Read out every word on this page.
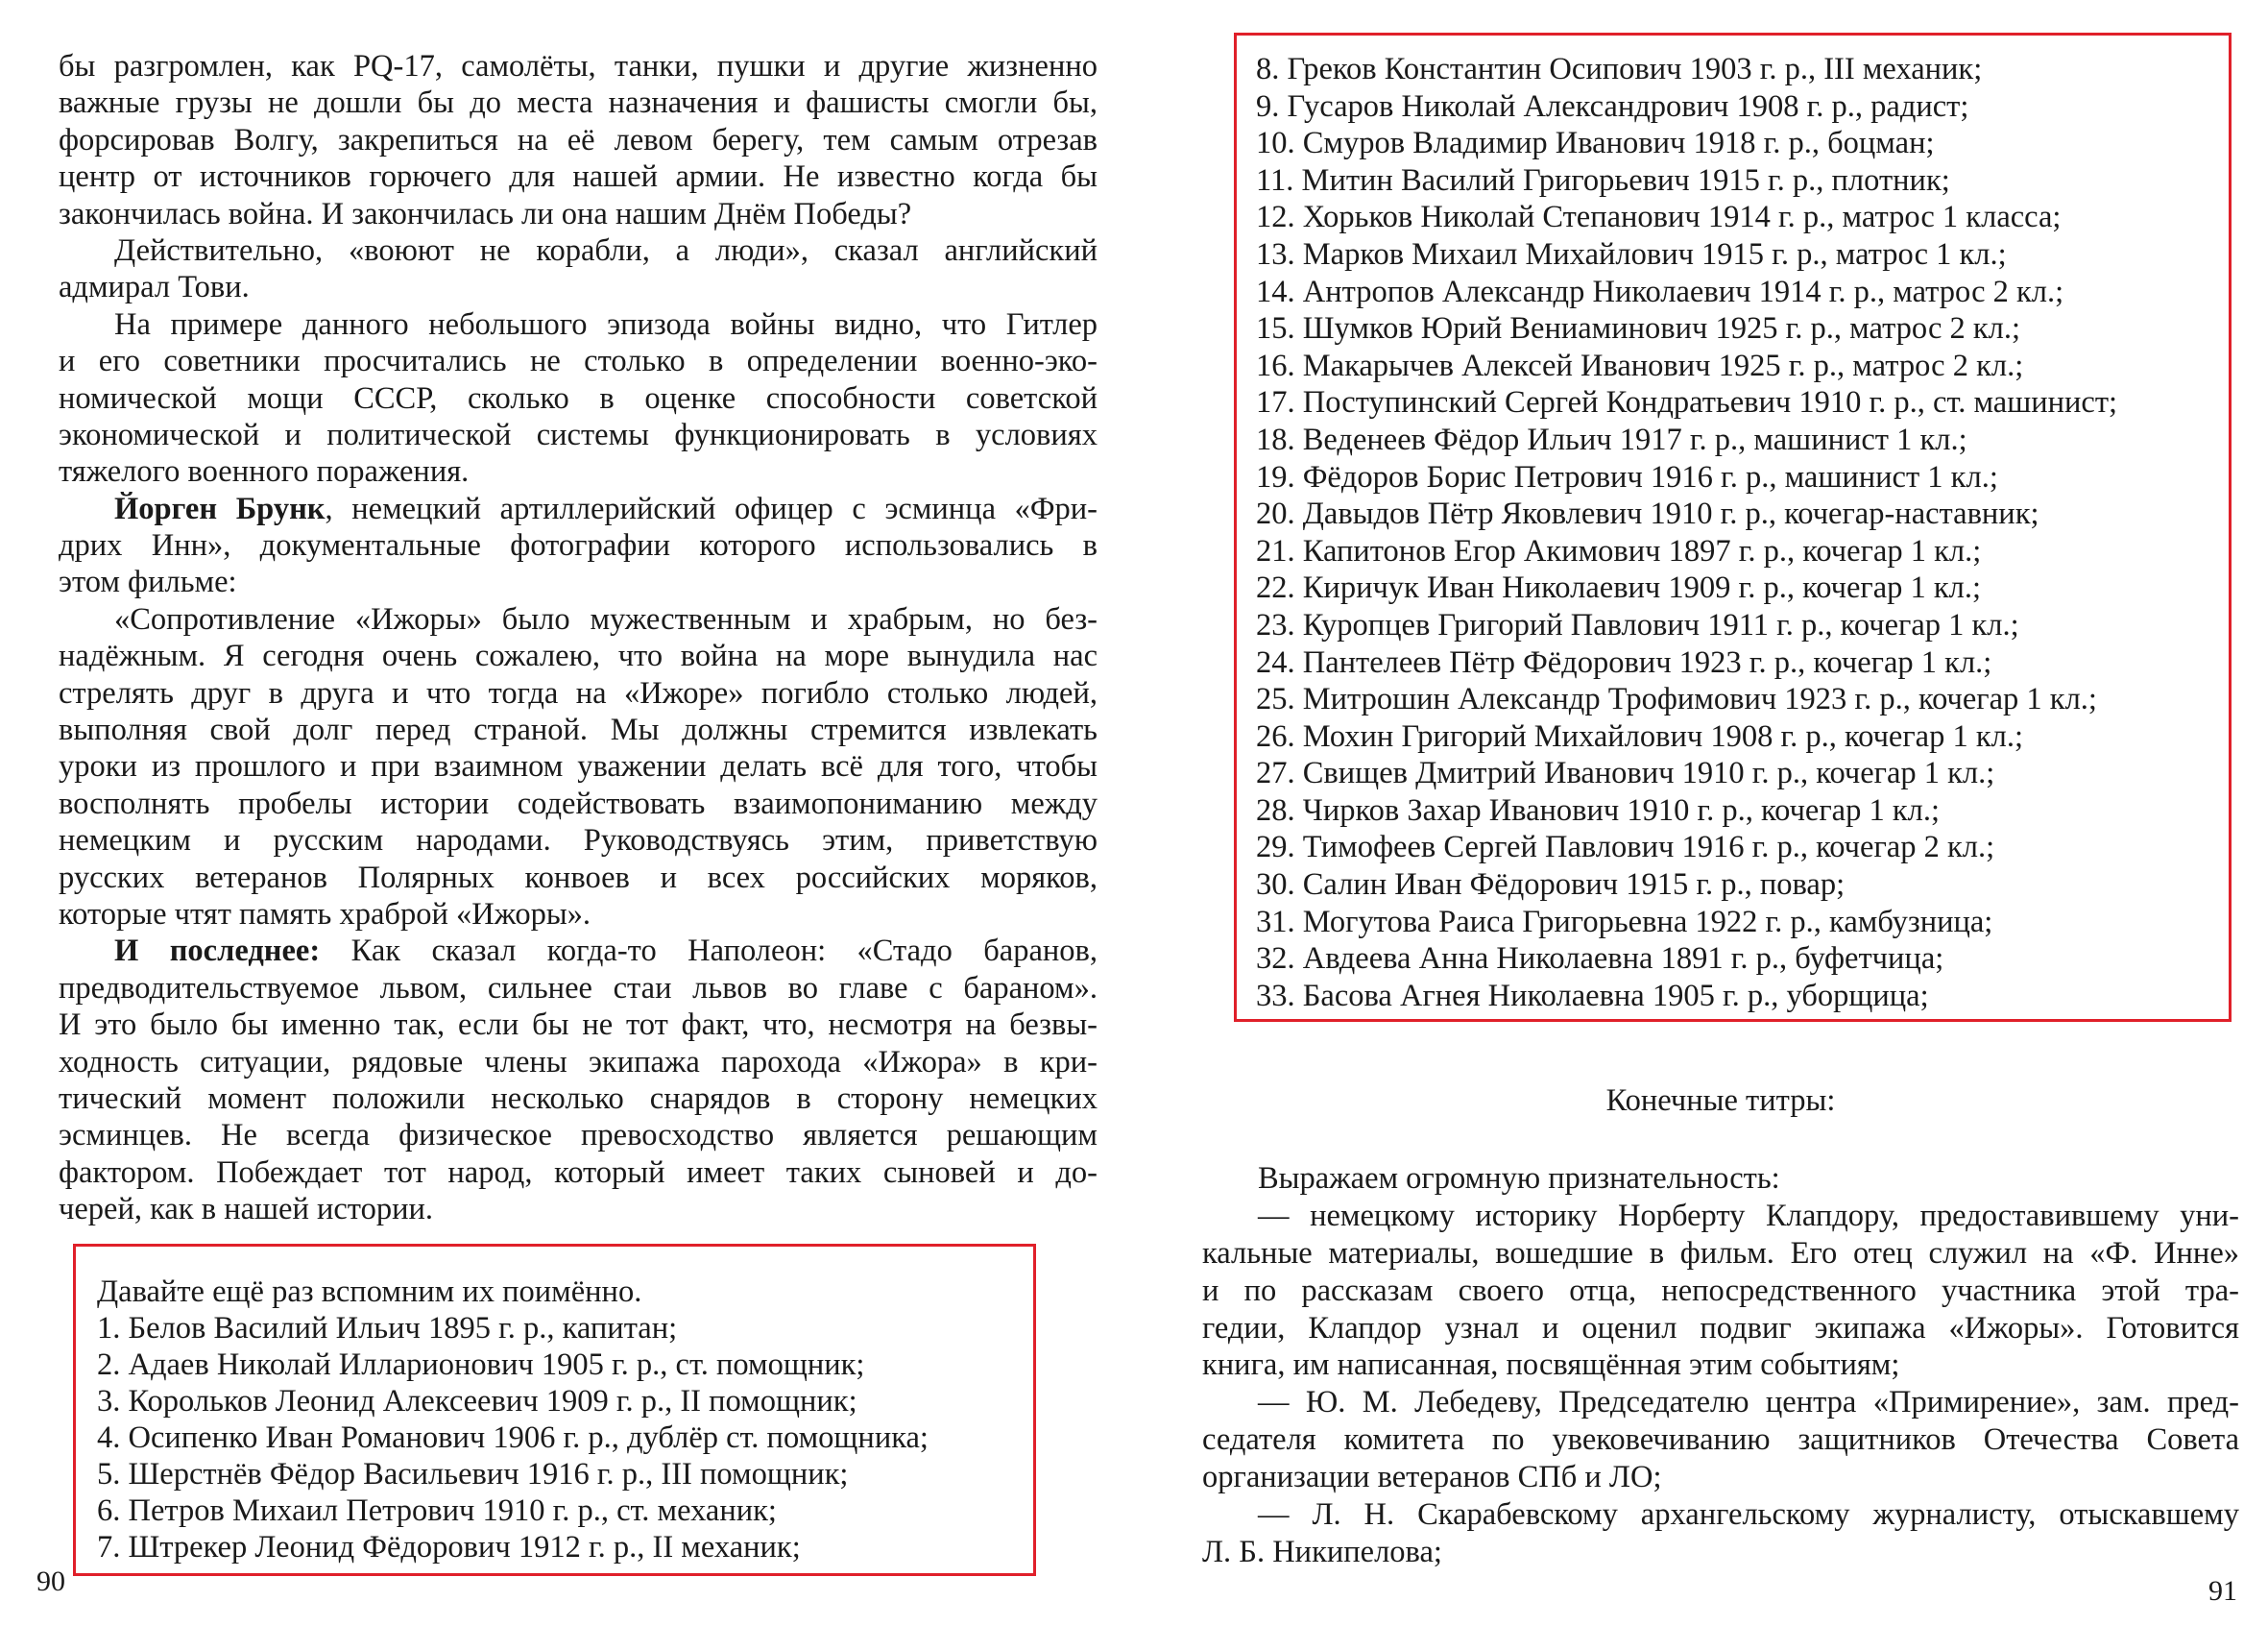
бы разгромлен, как PQ-17, самолёты, танки, пушки и другие жизненно
важные грузы не дошли бы до места назначения и фашисты смогли бы,
форсировав Волгу, закрепиться на её левом берегу, тем самым отрезав
центр от источников горючего для нашей армии. Не известно когда бы
закончилась война. И закончилась ли она нашим Днём Победы?
Действительно, «воюют не корабли, а люди», сказал английский
адмирал Тови.
На примере данного небольшого эпизода войны видно, что Гитлер
и его советники просчитались не столько в определении военно-эко-
номической мощи СССР, сколько в оценке способности советской
экономической и политической системы функционировать в условиях
тяжелого военного поражения.
Йорген Брунк, немецкий артиллерийский офицер с эсминца «Фри-
дрих Инн», документальные фотографии которого использовались в
этом фильме:
«Сопротивление «Ижоры» было мужественным и храбрым, но без-
надёжным. Я сегодня очень сожалею, что война на море вынудила нас
стрелять друг в друга и что тогда на «Ижоре» погибло столько людей,
выполняя свой долг перед страной. Мы должны стремится извлекать
уроки из прошлого и при взаимном уважении делать всё для того, чтобы
восполнять пробелы истории содействовать взаимопониманию между
немецким и русским народами. Руководствуясь этим, приветствую
русских ветеранов Полярных конвоев и всех российских моряков,
которые чтят память храброй «Ижоры».
И последнее: Как сказал когда-то Наполеон: «Стадо баранов,
предводительствуемое львом, сильнее стаи львов во главе с бараном».
И это было бы именно так, если бы не тот факт, что, несмотря на безвы-
ходность ситуации, рядовые члены экипажа парохода «Ижора» в кри-
тический момент положили несколько снарядов в сторону немецких
эсминцев. Не всегда физическое превосходство является решающим
фактором. Побеждает тот народ, который имеет таких сыновей и до-
черей, как в нашей истории.
Давайте ещё раз вспомним их поимённо.
1. Белов Василий Ильич 1895 г. р., капитан;
2. Адаев Николай Илларионович 1905 г. р., ст. помощник;
3. Корольков Леонид Алексеевич 1909 г. р., II помощник;
4. Осипенко Иван Романович 1906 г. р., дублёр ст. помощника;
5. Шерстнёв Фёдор Васильевич 1916 г. р., III помощник;
6. Петров Михаил Петрович 1910 г. р., ст. механик;
7. Штрекер Леонид Фёдорович 1912 г. р., II механик;
90
8. Греков Константин Осипович 1903 г. р., III механик;
9. Гусаров Николай Александрович 1908 г. р., радист;
10. Смуров Владимир Иванович 1918 г. р., боцман;
11. Митин Василий Григорьевич 1915 г. р., плотник;
12. Хорьков Николай Степанович 1914 г. р., матрос 1 класса;
13. Марков Михаил Михайлович 1915 г. р., матрос 1 кл.;
14. Антропов Александр Николаевич 1914 г. р., матрос 2 кл.;
15. Шумков Юрий Вениаминович 1925 г. р., матрос 2 кл.;
16. Макарычев Алексей Иванович 1925 г. р., матрос 2 кл.;
17. Поступинский Сергей Кондратьевич 1910 г. р., ст. машинист;
18. Веденеев Фёдор Ильич 1917 г. р., машинист 1 кл.;
19. Фёдоров Борис Петрович 1916 г. р., машинист 1 кл.;
20. Давыдов Пётр Яковлевич 1910 г. р., кочегар-наставник;
21. Капитонов Егор Акимович 1897 г. р., кочегар 1 кл.;
22. Киричук Иван Николаевич 1909 г. р., кочегар 1 кл.;
23. Куропцев Григорий Павлович 1911 г. р., кочегар 1 кл.;
24. Пантелеев Пётр Фёдорович 1923 г. р., кочегар 1 кл.;
25. Митрошин Александр Трофимович 1923 г. р., кочегар 1 кл.;
26. Мохин Григорий Михайлович 1908 г. р., кочегар 1 кл.;
27. Свищев Дмитрий Иванович 1910 г. р., кочегар 1 кл.;
28. Чирков Захар Иванович 1910 г. р., кочегар 1 кл.;
29. Тимофеев Сергей Павлович 1916 г. р., кочегар 2 кл.;
30. Салин Иван Фёдорович 1915 г. р., повар;
31. Могутова Раиса Григорьевна 1922 г. р., камбузница;
32. Авдеева Анна Николаевна 1891 г. р., буфетчица;
33. Басова Агнея Николаевна 1905 г. р., уборщица;
Конечные титры:
Выражаем огромную признательность:
— немецкому историку Норберту Клапдору, предоставившему уни-
кальные материалы, вошедшие в фильм. Его отец служил на «Ф. Инне»
и по рассказам своего отца, непосредственного участника этой тра-
гедии, Клапдор узнал и оценил подвиг экипажа «Ижоры». Готовится
книга, им написанная, посвящённая этим событиям;
— Ю. М. Лебедеву, Председателю центра «Примирение», зам. пред-
седателя комитета по увековечиванию защитников Отечества Совета
организации ветеранов СПб и ЛО;
— Л. Н. Скарабевскому архангельскому журналисту, отыскавшему
Л. Б. Никипелова;
91
